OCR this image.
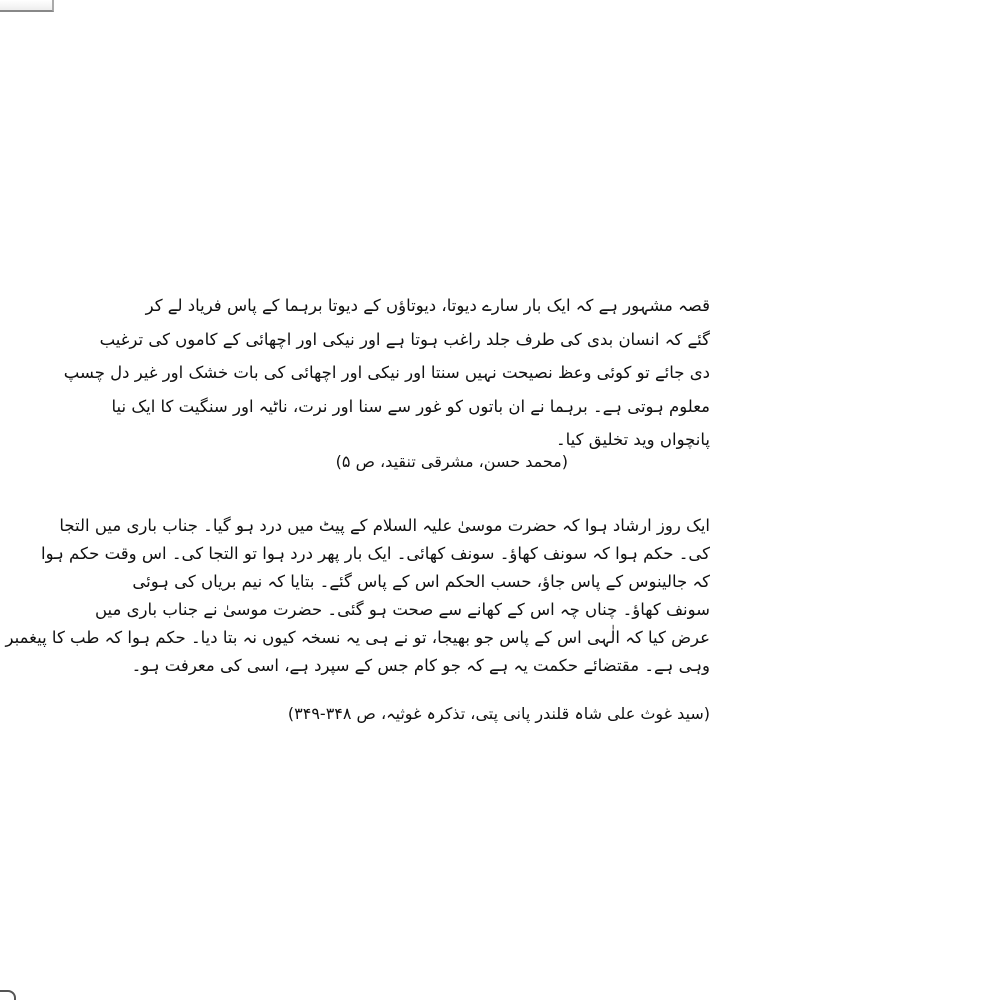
قصہ مشہور ہے کہ ایک بار سارے دیوتا، دیوتاؤں کے دیوتا برہما کے پاس فریاد لے کر
گئے کہ انسان بدی کی طرف جلد راغب ہوتا ہے اور نیکی اور اچھائی کے کاموں کی ترغیب
دی جائے تو کوئی وعظ نصیحت نہیں سنتا اور نیکی اور اچھائی کی بات خشک اور غیر دل چسپ
معلوم ہوتی ہے۔ برہما نے ان باتوں کو غور سے سنا اور نرت، ناٹیہ اور سنگیت کا ایک نیا
پانچواں وید تخلیق کیا۔
(محمد حسن، مشرقی تنقید، ص ۵)
ایک روز ارشاد ہوا کہ حضرت موسیٰ علیہ السلام کے پیٹ میں درد ہو گیا۔ جناب باری میں التجا
کی۔ حکم ہوا کہ سونف کھاؤ۔ سونف کھائی۔ ایک بار پھر درد ہوا تو التجا کی۔ اس وقت حکم ہوا
کہ جالینوس کے پاس جاؤ، حسب الحکم اس کے پاس گئے۔ بتایا کہ نیم بریاں کی ہوئی
سونف کھاؤ۔ چناں چہ اس کے کھانے سے صحت ہو گئی۔ حضرت موسیٰ نے جناب باری میں
عرض کیا کہ الٰہی اس کے پاس جو بھیجا، تو نے ہی یہ نسخہ کیوں نہ بتا دیا۔ حکم ہوا کہ طب کا پیغمبر
وہی ہے۔ مقتضائے حکمت یہ ہے کہ جو کام جس کے سپرد ہے، اسی کی معرفت ہو۔
(سید غوث علی شاہ قلندر پانی پتی، تذکرہ غوثیہ، ص ۳۴۸-۳۴۹)
